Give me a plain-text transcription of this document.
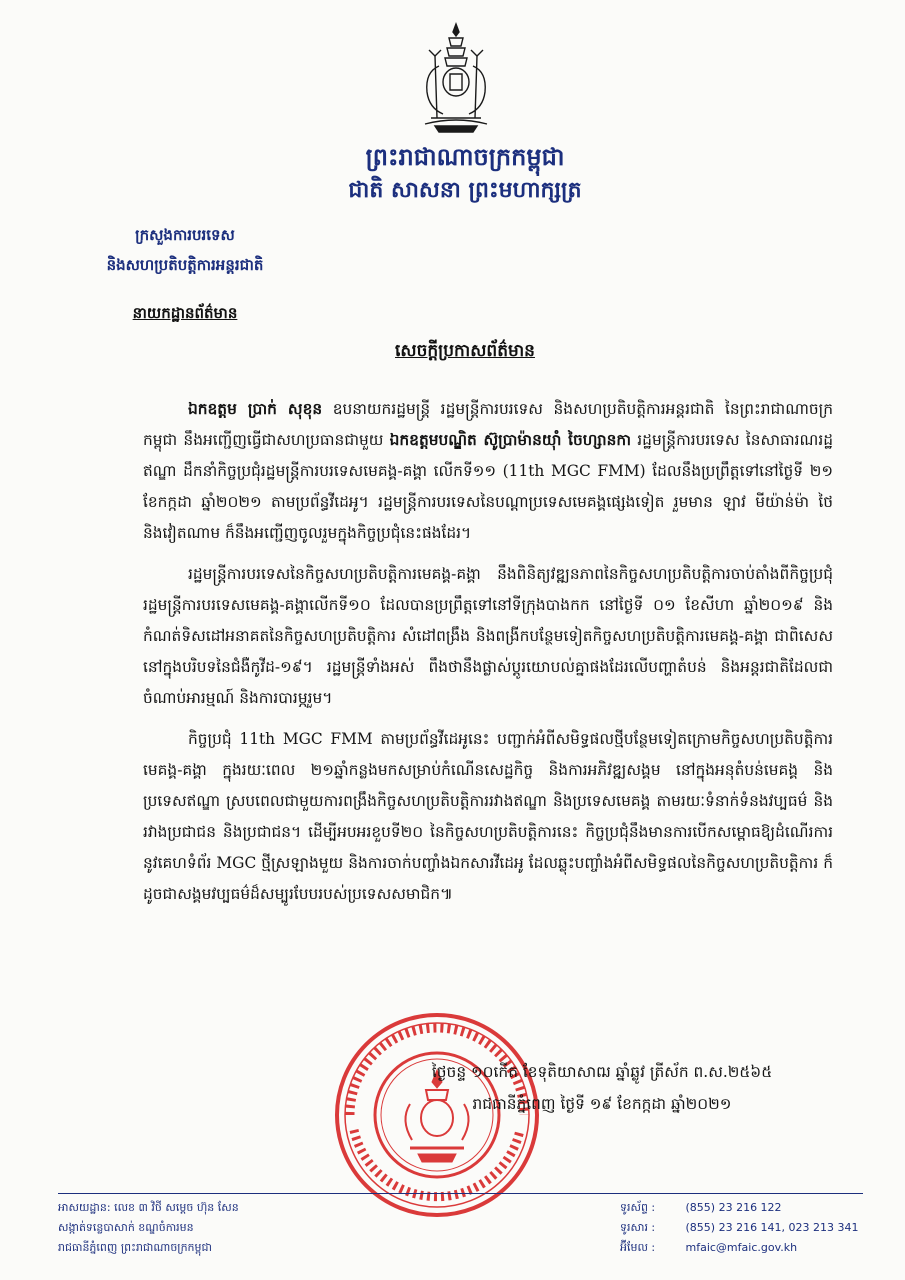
ព្រះរាជាណាចក្រកម្ពុជា
ជាតិ សាសនា ព្រះមហាក្សត្រ
ក្រសួងការបរទេស
និងសហប្រតិបត្តិការអន្តរជាតិ
នាយកដ្ឋានព័ត៌មាន
សេចក្តីប្រកាសព័ត៌មាន

ឯកឧត្តម ប្រាក់ សុខុន ឧបនាយករដ្ឋមន្ត្រី រដ្ឋមន្ត្រីការបរទេស និងសហប្រតិបត្តិការអន្តរជាតិ នៃព្រះរាជាណាចក្រកម្ពុជា នឹងអញ្ជើញធ្វើជាសហប្រធានជាមួយ ឯកឧត្តមបណ្ឌិត ស៊ូប្រាម៉ានយ៉ាំ ចៃហ្សានកា រដ្ឋមន្ត្រីការបរទេស នៃសាធារណរដ្ឋឥណ្ឌា ដឹកនាំកិច្ចប្រជុំរដ្ឋមន្ត្រីការបរទេសមេគង្គ-គង្គា លើកទី១១ (11th MGC FMM) ដែលនឹងប្រព្រឹត្តទៅនៅថ្ងៃទី ២១ ខែកក្កដា ឆ្នាំ២០២១ តាមប្រព័ន្ធវីដេអូ។ រដ្ឋមន្ត្រីការបរទេសនៃបណ្តាប្រទេសមេគង្គផ្សេងទៀត រួមមាន ឡាវ មីយ៉ាន់ម៉ា ថៃ និងវៀតណាម ក៏នឹងអញ្ជើញចូលរួមក្នុងកិច្ចប្រជុំនេះផងដែរ។

រដ្ឋមន្ត្រីការបរទេសនៃកិច្ចសហប្រតិបត្តិការមេគង្គ-គង្គា នឹងពិនិត្យវឌ្ឍនភាពនៃកិច្ចសហប្រតិបត្តិការចាប់តាំងពីកិច្ចប្រជុំរដ្ឋមន្ត្រីការបរទេសមេគង្គ-គង្គាលើកទី១០ ដែលបានប្រព្រឹត្តទៅនៅទីក្រុងបាងកក នៅថ្ងៃទី ០១ ខែសីហា ឆ្នាំ២០១៩ និងកំណត់ទិសដៅអនាគតនៃកិច្ចសហប្រតិបត្តិការ សំដៅពង្រឹង និងពង្រីកបន្ថែមទៀតកិច្ចសហប្រតិបត្តិការមេគង្គ-គង្គា ជាពិសេស នៅក្នុងបរិបទនៃជំងឺកូវីដ-១៩។ រដ្ឋមន្ត្រីទាំងអស់ ពឹងថានឹងផ្លាស់ប្តូរយោបល់គ្នាផងដែរលើបញ្ហាតំបន់ និងអន្តរជាតិដែលជាចំណាប់អារម្មណ៍ និងការបារម្ភរួម។

កិច្ចប្រជុំ 11th MGC FMM តាមប្រព័ន្ធវីដេអូនេះ បញ្ជាក់អំពីសមិទ្ធផលថ្មីបន្ថែមទៀតក្រោមកិច្ចសហប្រតិបត្តិការមេគង្គ-គង្គា ក្នុងរយៈពេល ២១ឆ្នាំកន្លងមកសម្រាប់កំណើនសេដ្ឋកិច្ច និងការអភិវឌ្ឍសង្គម នៅក្នុងអនុតំបន់មេគង្គ និងប្រទេសឥណ្ឌា ស្របពេលជាមួយការពង្រឹងកិច្ចសហប្រតិបត្តិការរវាងឥណ្ឌា និងប្រទេសមេគង្គ តាមរយៈទំនាក់ទំនងវប្បធម៌ និងរវាងប្រជាជន និងប្រជាជន។ ដើម្បីអបអរខួបទី២០ នៃកិច្ចសហប្រតិបត្តិការនេះ កិច្ចប្រជុំនឹងមានការបើកសម្ពោធឱ្យដំណើរការនូវគេហទំព័រ MGC ថ្មីស្រឡាងមួយ និងការចាក់បញ្ចាំងឯកសារវីដេអូ ដែលឆ្លុះបញ្ចាំងអំពីសមិទ្ធផលនៃកិច្ចសហប្រតិបត្តិការ ក៏ដូចជាសង្គមវប្បធម៌ដ៏សម្បូរបែបរបស់ប្រទេសសមាជិក៕

ថ្ងៃចន្ទ ១០កើត ខែទុតិយាសាឍ ឆ្នាំឆ្លូវ ត្រីស័ក ព.ស.២៥៦៥
រាជធានីភ្នំពេញ ថ្ងៃទី ១៩ ខែកក្កដា ឆ្នាំ២០២១
អាសយដ្ឋាន: លេខ ៣ វិថី សម្តេច ហ៊ុន សែន
សង្កាត់ទន្លេបាសាក់ ខណ្ឌចំការមន
រាជធានីភ្នំពេញ ព្រះរាជាណាចក្រកម្ពុជា
ទូរស័ព្ទ :	(855) 23 216 122
ទូរសារ :	(855) 23 216 141, 023 213 341
អ៊ីមែល :	mfaic@mfaic.gov.kh
